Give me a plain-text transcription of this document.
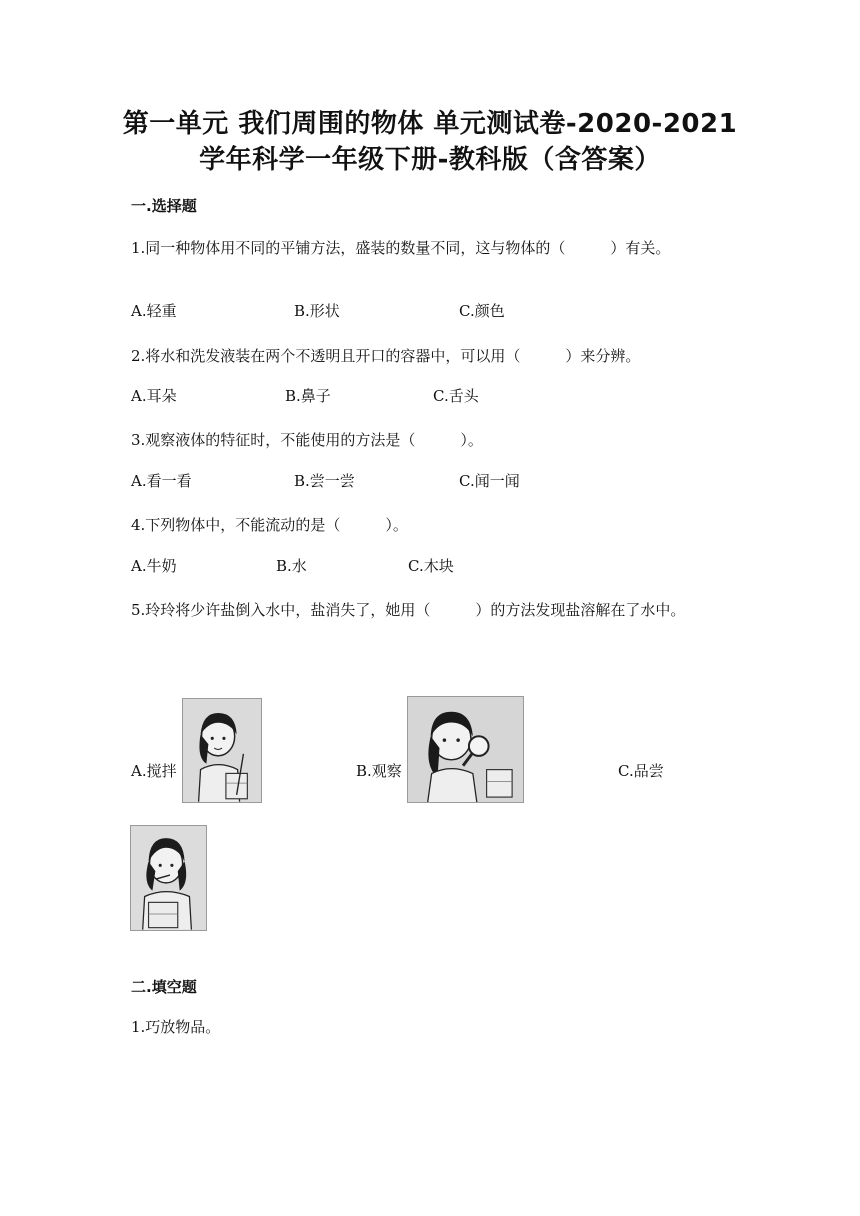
第一单元 我们周围的物体 单元测试卷-2020-2021
学年科学一年级下册-教科版（含答案）
一.选择题
1.同一种物体用不同的平铺方法，盛装的数量不同，这与物体的（　　　）有关。
A.轻重	B.形状	C.颜色
2.将水和洗发液装在两个不透明且开口的容器中，可以用（　　　）来分辨。
A.耳朵	B.鼻子	C.舌头
3.观察液体的特征时，不能使用的方法是（　　　）。
A.看一看	B.尝一尝	C.闻一闻
4.下列物体中，不能流动的是（　　　）。
A.牛奶	B.水	C.木块
5.玲玲将少许盐倒入水中，盐消失了，她用（　　　）的方法发现盐溶解在了水中。
A.搅拌	B.观察	C.品尝
二.填空题
1.巧放物品。
